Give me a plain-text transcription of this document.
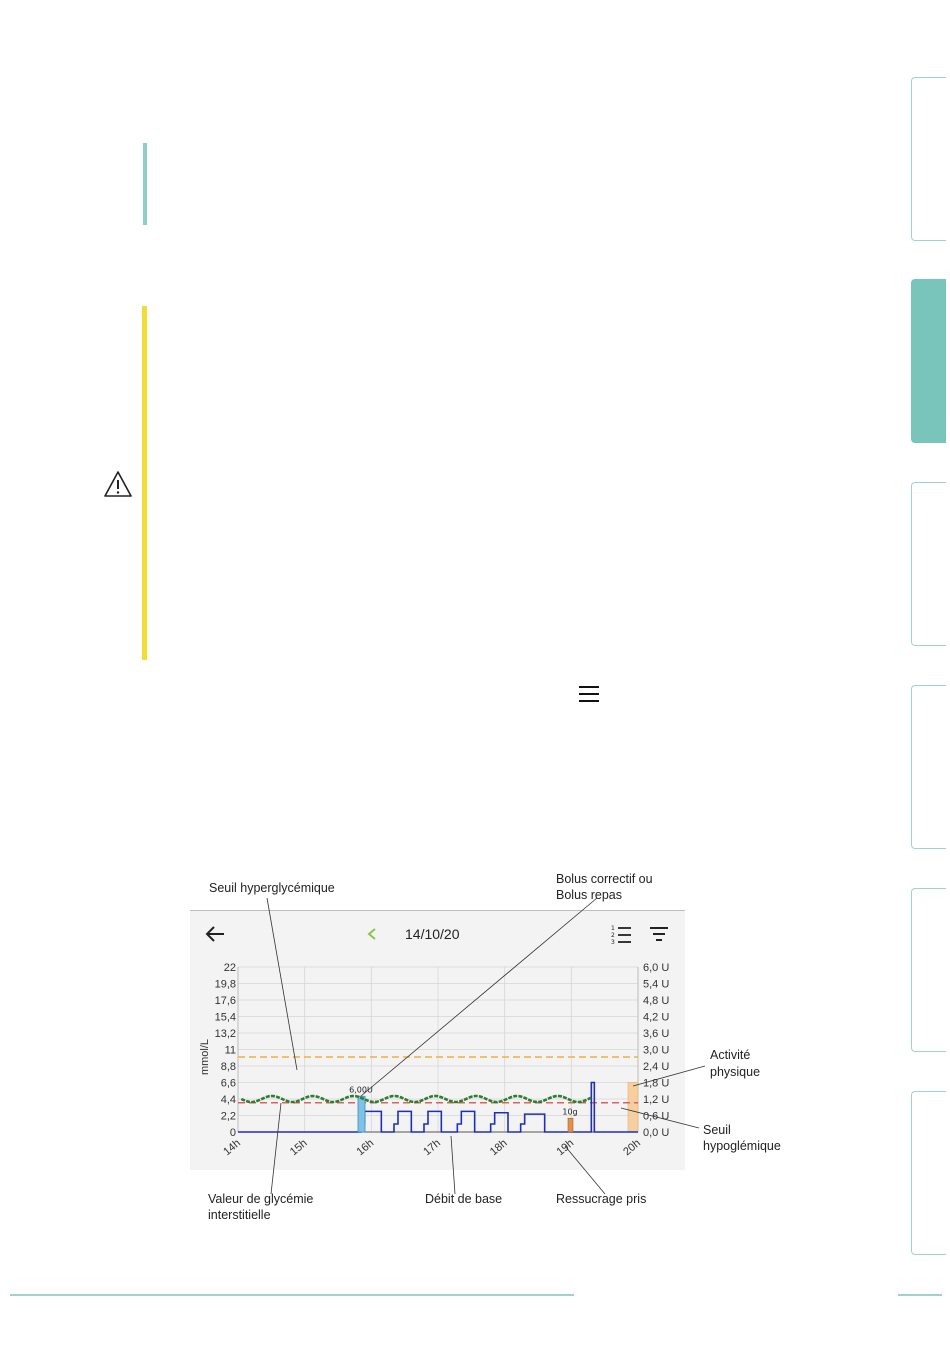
14/10/20	1
2
3
22	6,0 U
19,8	5,4 U
17,6	4,8 U
15,4	4,2 U
13,2	3,6 U
11	3,0 U
8,8	2,4 U
6,6	1,8 U
4,4	1,2 U
2,2	0,6 U
0	0,0 U
14h	15h	16h	17h	18h	19h	20h
mmol/L
6,00U
10g
Seuil hyperglycémique
Bolus correctif ou
Bolus repas
Activité
physique
Seuil
hypoglémique
Valeur de glycémie
interstitielle
Débit de base	Ressucrage pris
